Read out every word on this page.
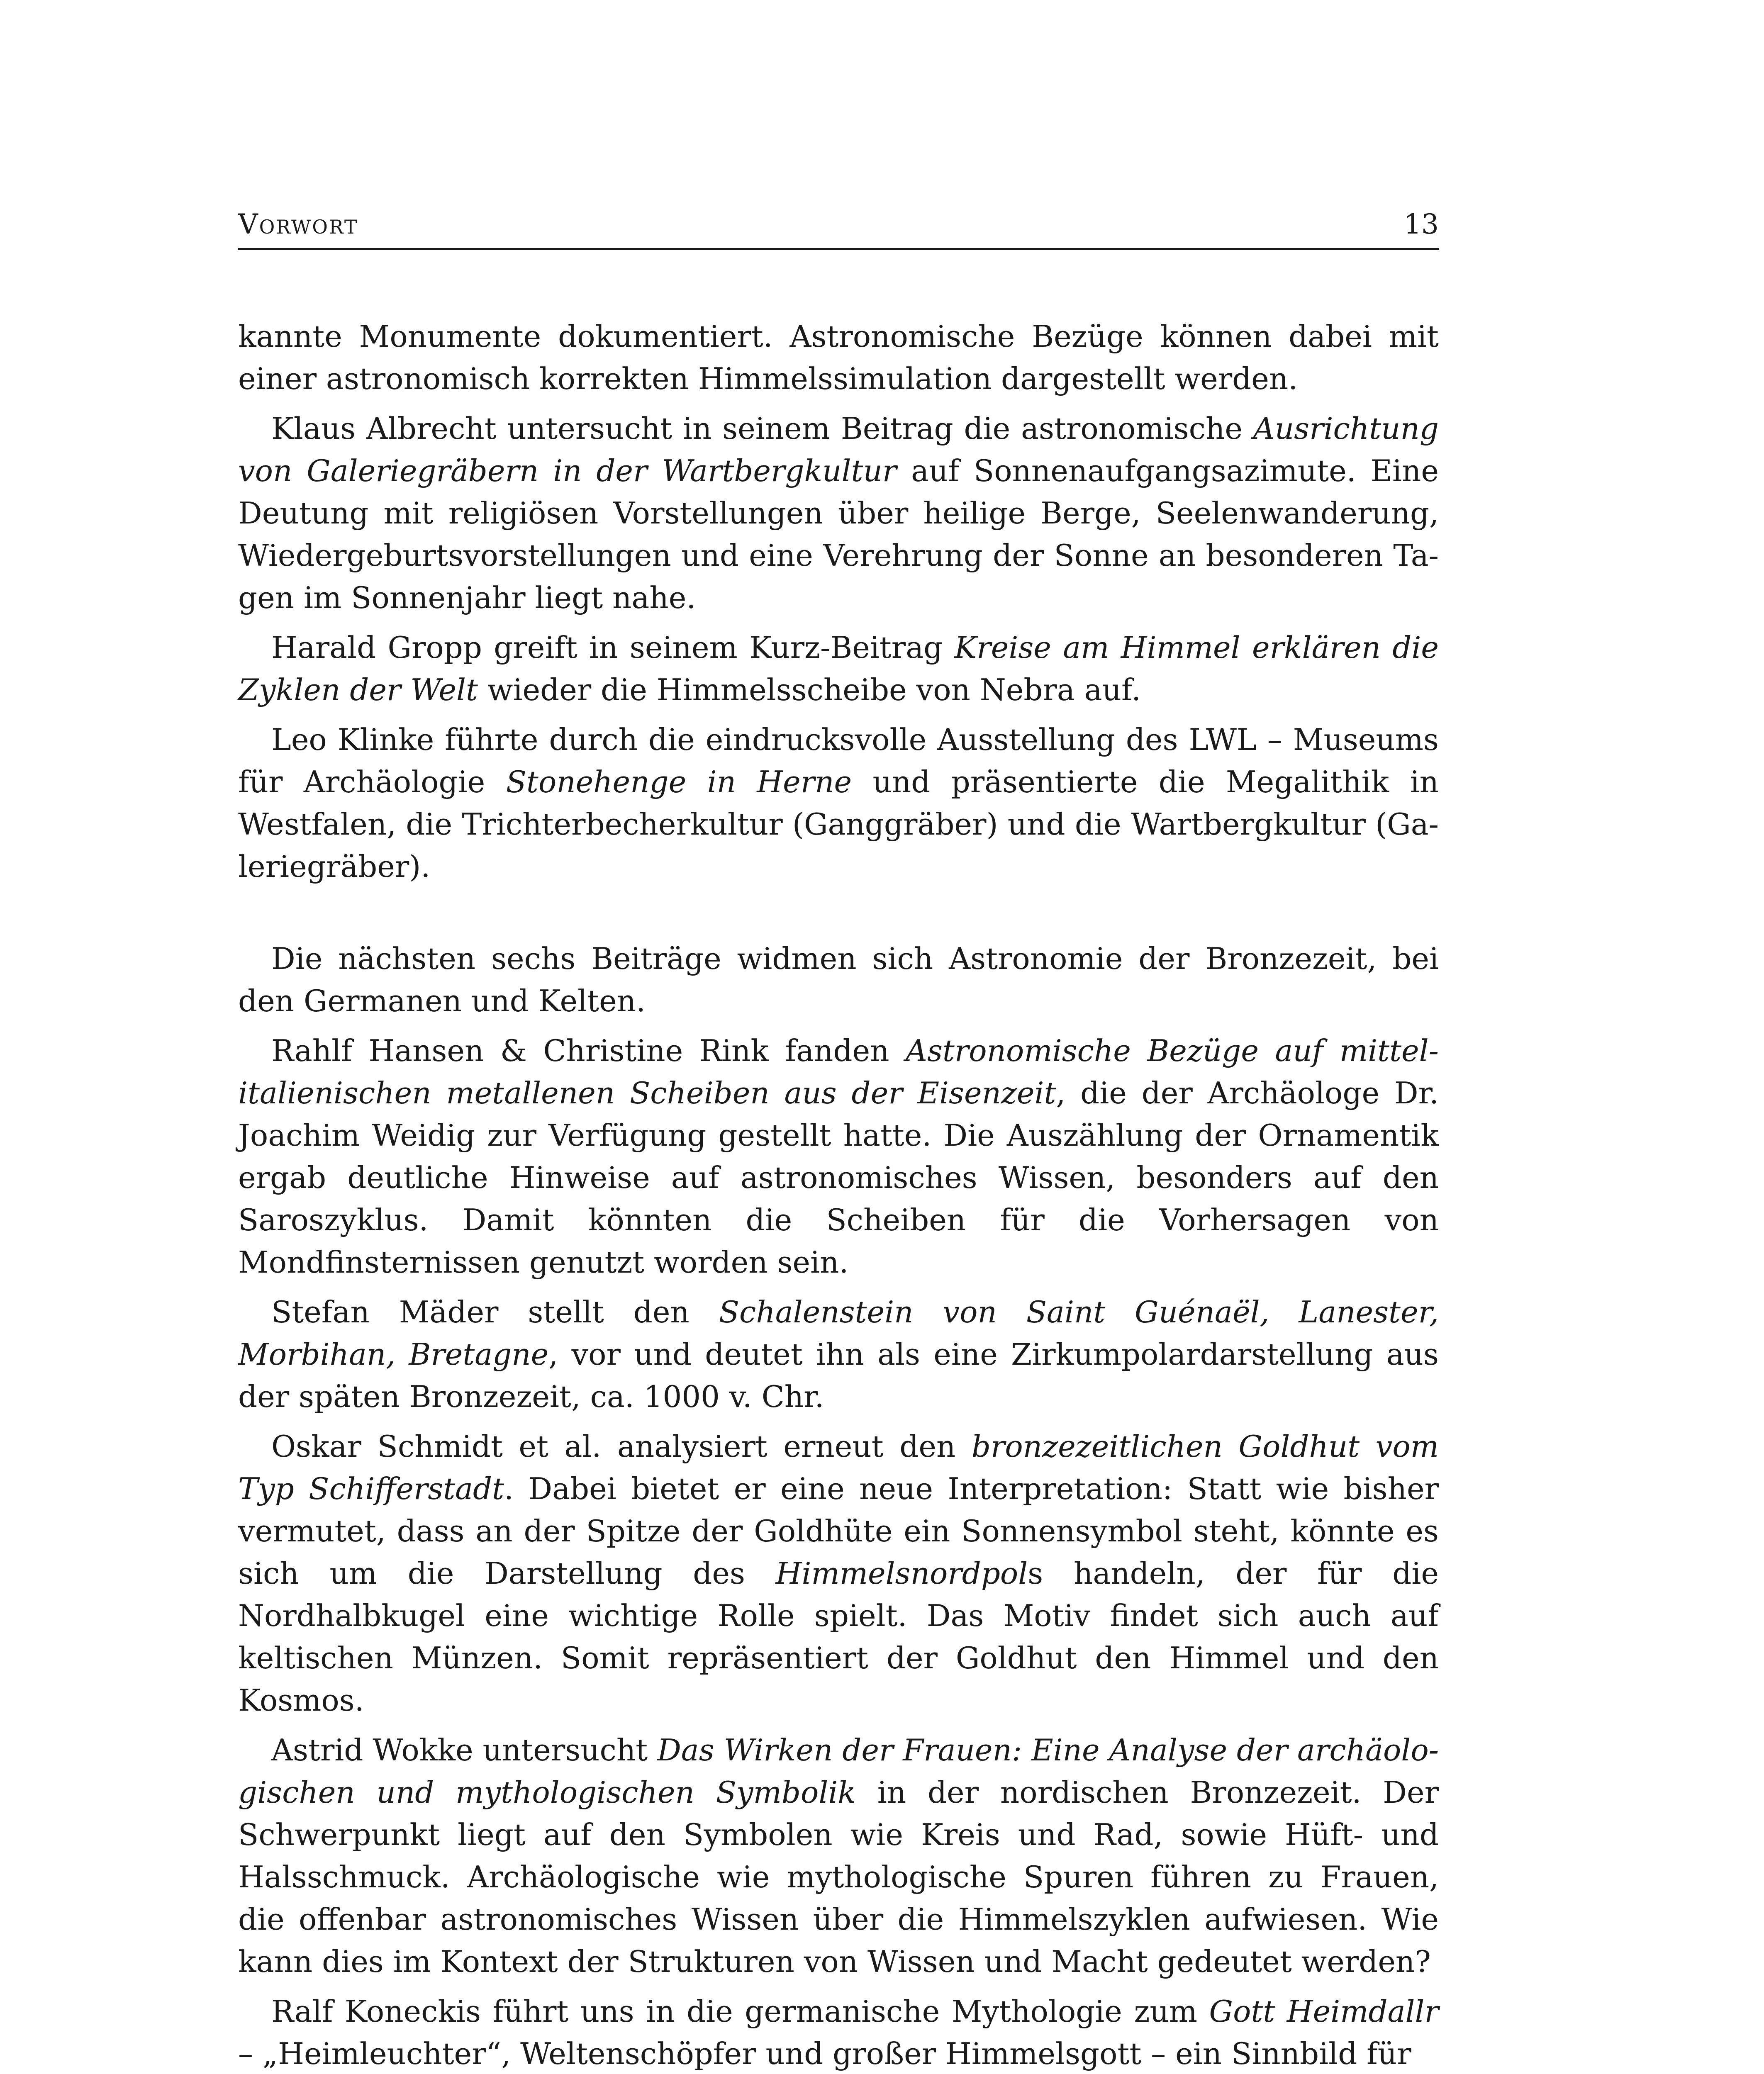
Vorwort	13

kannte Monumente dokumentiert. Astronomische Bezüge können dabei mit einer astronomisch korrekten Himmelssimulation dargestellt werden.

Klaus Albrecht untersucht in seinem Beitrag die astronomische Ausrichtung von Galeriegräbern in der Wartbergkultur auf Sonnenaufgangsazimute. Eine Deutung mit religiösen Vorstellungen über heilige Berge, Seelenwanderung, Wiedergeburtsvorstellungen und eine Verehrung der Sonne an besonderen Tagen im Sonnenjahr liegt nahe.

Harald Gropp greift in seinem Kurz-Beitrag Kreise am Himmel erklären die Zyklen der Welt wieder die Himmelsscheibe von Nebra auf.

Leo Klinke führte durch die eindrucksvolle Ausstellung des LWL – Museums für Archäologie Stonehenge in Herne und präsentierte die Megalithik in Westfalen, die Trichterbecherkultur (Ganggräber) und die Wartbergkultur (Galeriegräber).

Die nächsten sechs Beiträge widmen sich Astronomie der Bronzezeit, bei den Germanen und Kelten.

Rahlf Hansen & Christine Rink fanden Astronomische Bezüge auf mittelitalienischen metallenen Scheiben aus der Eisenzeit, die der Archäologe Dr. Joachim Weidig zur Verfügung gestellt hatte. Die Auszählung der Ornamentik ergab deutliche Hinweise auf astronomisches Wissen, besonders auf den Saroszyklus. Damit könnten die Scheiben für die Vorhersagen von Mondfinsternissen genutzt worden sein.

Stefan Mäder stellt den Schalenstein von Saint Guénaël, Lanester, Morbihan, Bretagne, vor und deutet ihn als eine Zirkumpolardarstellung aus der späten Bronzezeit, ca. 1000 v. Chr.

Oskar Schmidt et al. analysiert erneut den bronzezeitlichen Goldhut vom Typ Schifferstadt. Dabei bietet er eine neue Interpretation: Statt wie bisher vermutet, dass an der Spitze der Goldhüte ein Sonnensymbol steht, könnte es sich um die Darstellung des Himmelsnordpols handeln, der für die Nordhalbkugel eine wichtige Rolle spielt. Das Motiv findet sich auch auf keltischen Münzen. Somit repräsentiert der Goldhut den Himmel und den Kosmos.

Astrid Wokke untersucht Das Wirken der Frauen: Eine Analyse der archäologischen und mythologischen Symbolik in der nordischen Bronzezeit. Der Schwerpunkt liegt auf den Symbolen wie Kreis und Rad, sowie Hüft- und Halsschmuck. Archäologische wie mythologische Spuren führen zu Frauen, die offenbar astronomisches Wissen über die Himmelszyklen aufwiesen. Wie kann dies im Kontext der Strukturen von Wissen und Macht gedeutet werden?

Ralf Koneckis führt uns in die germanische Mythologie zum Gott Heimdallr – „Heimleuchter“, Weltenschöpfer und großer Himmelsgott – ein Sinnbild für
